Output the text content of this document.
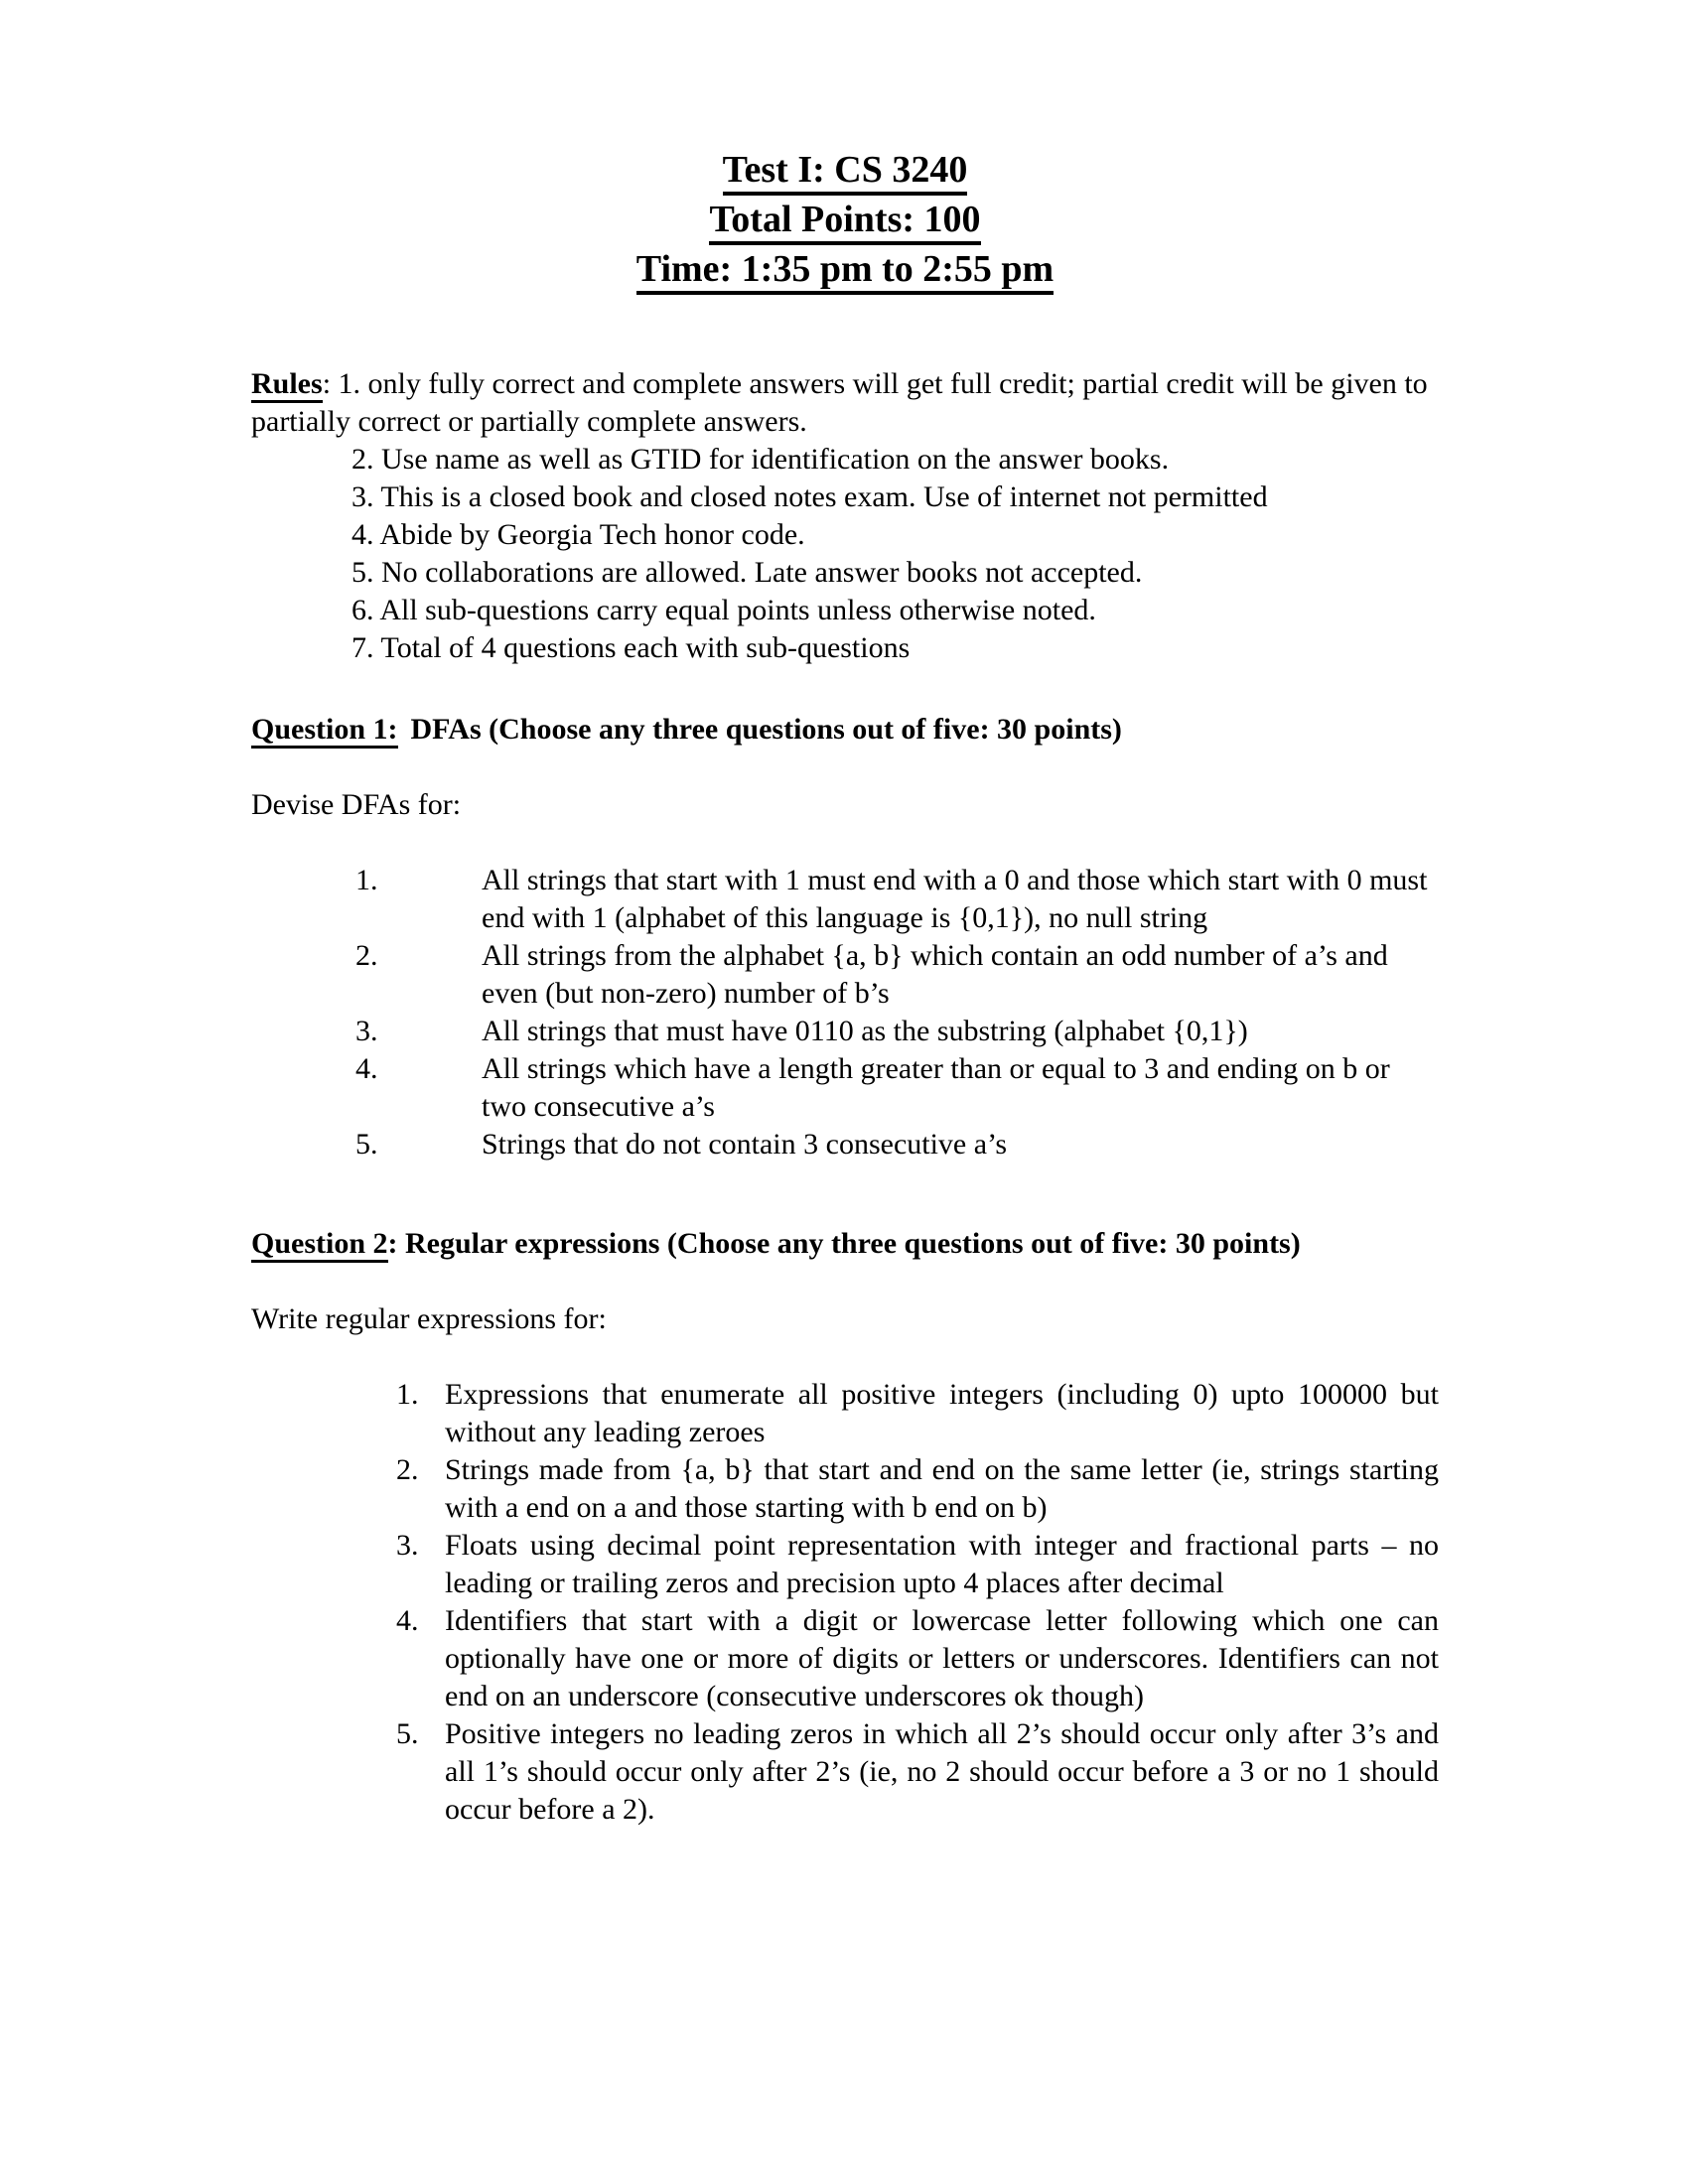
Test I: CS 3240
Total Points: 100
Time: 1:35 pm to 2:55 pm
Rules: 1. only fully correct and complete answers will get full credit; partial credit will be given to partially correct or partially complete answers.
2. Use name as well as GTID for identification on the answer books.
3. This is a closed book and closed notes exam. Use of internet not permitted
4. Abide by Georgia Tech honor code.
5. No collaborations are allowed. Late answer books not accepted.
6. All sub-questions carry equal points unless otherwise noted.
7. Total of 4 questions each with sub-questions
Question 1: DFAs (Choose any three questions out of five: 30 points)
Devise DFAs for:
1.	All strings that start with 1 must end with a 0 and those which start with 0 must end with 1 (alphabet of this language is {0,1}), no null string
2.	All strings from the alphabet {a, b} which contain an odd number of a’s and even (but non-zero) number of b’s
3.	All strings that must have 0110 as the substring (alphabet {0,1})
4.	All strings which have a length greater than or equal to 3 and ending on b or two consecutive a’s
5.	Strings that do not contain 3 consecutive a’s
Question 2: Regular expressions (Choose any three questions out of five: 30 points)
Write regular expressions for:
1. Expressions that enumerate all positive integers (including 0) upto 100000 but without any leading zeroes
2. Strings made from {a, b} that start and end on the same letter (ie, strings starting with a end on a and those starting with b end on b)
3. Floats using decimal point representation with integer and fractional parts – no leading or trailing zeros and precision upto 4 places after decimal
4. Identifiers that start with a digit or lowercase letter following which one can optionally have one or more of digits or letters or underscores. Identifiers can not end on an underscore (consecutive underscores ok though)
5. Positive integers no leading zeros in which all 2’s should occur only after 3’s and all 1’s should occur only after 2’s (ie, no 2 should occur before a 3 or no 1 should occur before a 2).
